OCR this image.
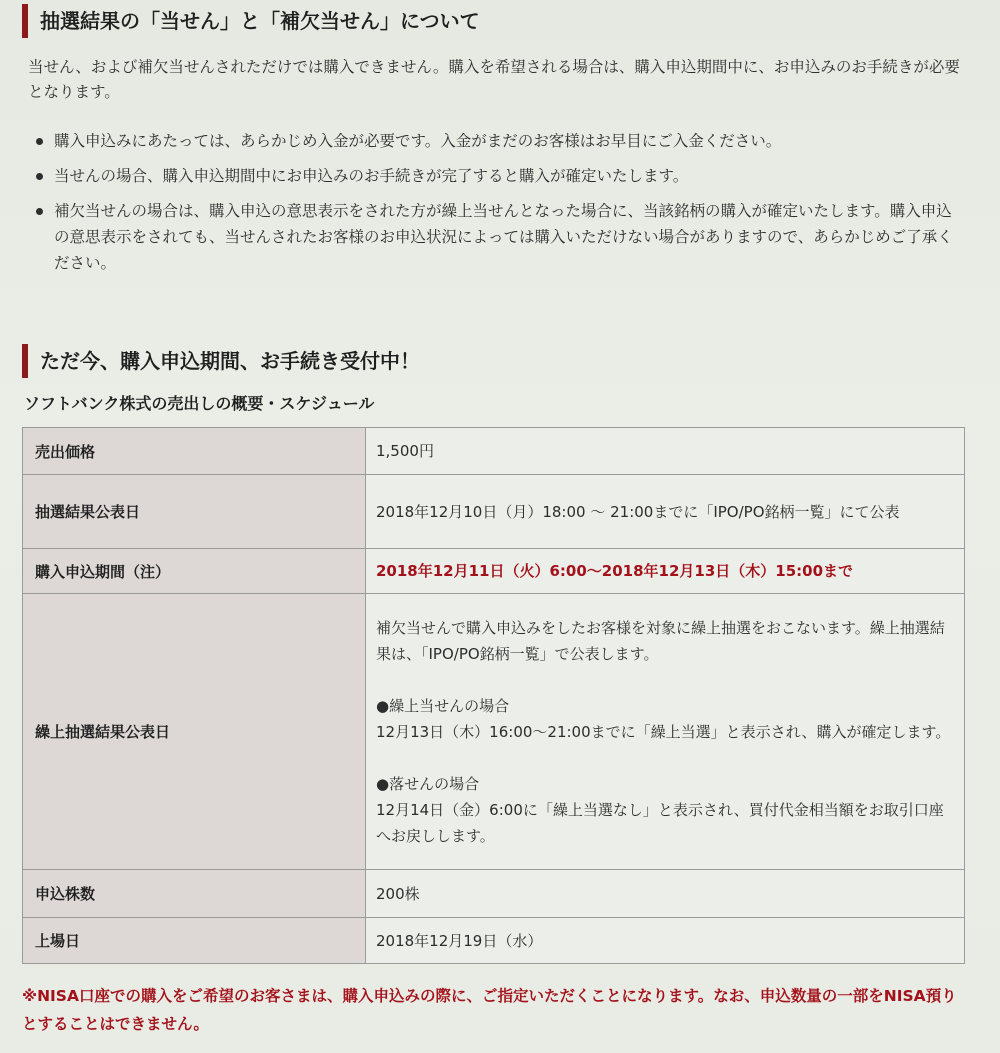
抽選結果の「当せん」と「補欠当せん」について
当せん、および補欠当せんされただけでは購入できません。購入を希望される場合は、購入申込期間中に、お申込みのお手続きが必要となります。
購入申込みにあたっては、あらかじめ入金が必要です。入金がまだのお客様はお早目にご入金ください。
当せんの場合、購入申込期間中にお申込みのお手続きが完了すると購入が確定いたします。
補欠当せんの場合は、購入申込の意思表示をされた方が繰上当せんとなった場合に、当該銘柄の購入が確定いたします。購入申込の意思表示をされても、当せんされたお客様のお申込状況によっては購入いただけない場合がありますので、あらかじめご了承ください。
ただ今、購入申込期間、お手続き受付中！
ソフトバンク株式の売出しの概要・スケジュール
売出価格	1,500円
抽選結果公表日	2018年12月10日（月）18:00 ～ 21:00までに「IPO/PO銘柄一覧」にて公表
購入申込期間（注）	2018年12月11日（火）6:00～2018年12月13日（木）15:00まで
繰上抽選結果公表日	補欠当せんで購入申込みをしたお客様を対象に繰上抽選をおこないます。繰上抽選結果は、「IPO/PO銘柄一覧」で公表します。
●繰上当せんの場合
12月13日（木）16:00～21:00までに「繰上当選」と表示され、購入が確定します。
●落せんの場合
12月14日（金）6:00に「繰上当選なし」と表示され、買付代金相当額をお取引口座へお戻しします。

申込株数	200株
上場日	2018年12月19日（水）
※NISA口座での購入をご希望のお客さまは、購入申込みの際に、ご指定いただくことになります。なお、申込数量の一部をNISA預りとすることはできません。
